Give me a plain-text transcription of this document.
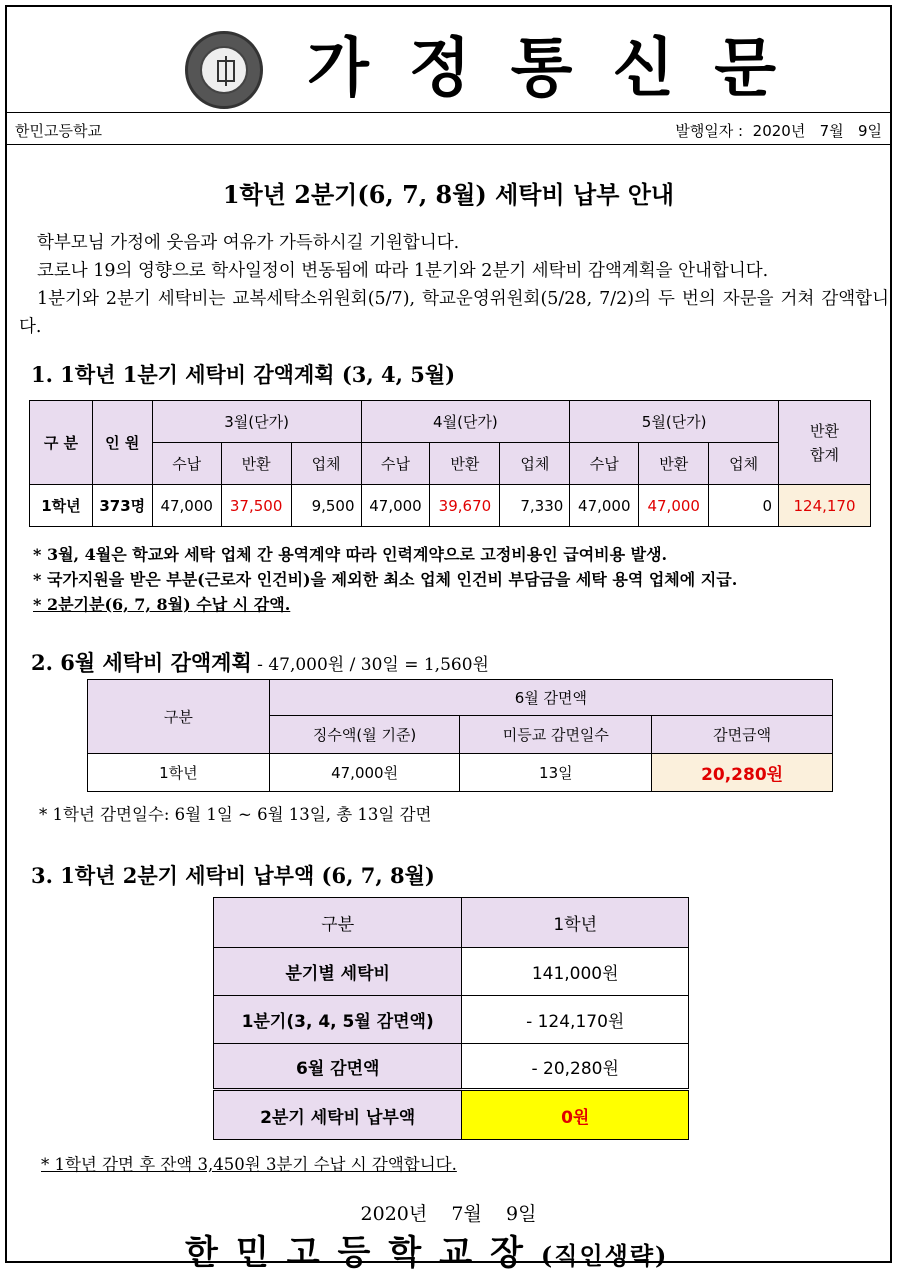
가정통신문
한민고등학교	발행일자 :  2020년   7월   9일
1학년 2분기(6, 7, 8월) 세탁비 납부 안내

학부모님 가정에 웃음과 여유가 가득하시길 기원합니다.

코로나 19의 영향으로 학사일정이 변동됨에 따라 1분기와 2분기 세탁비 감액계획을 안내합니다.

1분기와 2분기 세탁비는 교복세탁소위원회(5/7), 학교운영위원회(5/28, 7/2)의 두 번의 자문을 거쳐 감액합니다.

1. 1학년 1분기 세탁비 감액계획 (3, 4, 5월)
구 분	인 원	3월(단가)			4월(단가)			5월(단가)			반환
합계
		수납	반환	업체	수납	반환	업체	수납	반환	업체	
1학년	373명	47,000	37,500	9,500	47,000	39,670	7,330	47,000	47,000	0	124,170
* 3월, 4월은 학교와 세탁 업체 간 용역계약 따라 인력계약으로 고정비용인 급여비용 발생.
* 국가지원을 받은 부분(근로자 인건비)을 제외한 최소 업체 인건비 부담금을 세탁 용역 업체에 지급.
* 2분기분(6, 7, 8월) 수납 시 감액.
2. 6월 세탁비 감액계획 - 47,000원 / 30일 = 1,560원
구분	6월 감면액		
	징수액(월 기준)	미등교 감면일수	감면금액
1학년	47,000원	13일	20,280원
* 1학년 감면일수: 6월 1일 ~ 6월 13일, 총 13일 감면
3. 1학년 2분기 세탁비 납부액 (6, 7, 8월)
구분	1학년
분기별 세탁비	141,000원
1분기(3, 4, 5월 감면액)	- 124,170원
6월 감면액	- 20,280원
2분기 세탁비 납부액	0원
* 1학년 감면 후 잔액 3,450원 3분기 수납 시 감액합니다.
2020년    7월    9일
한민고등학교장(직인생략)
